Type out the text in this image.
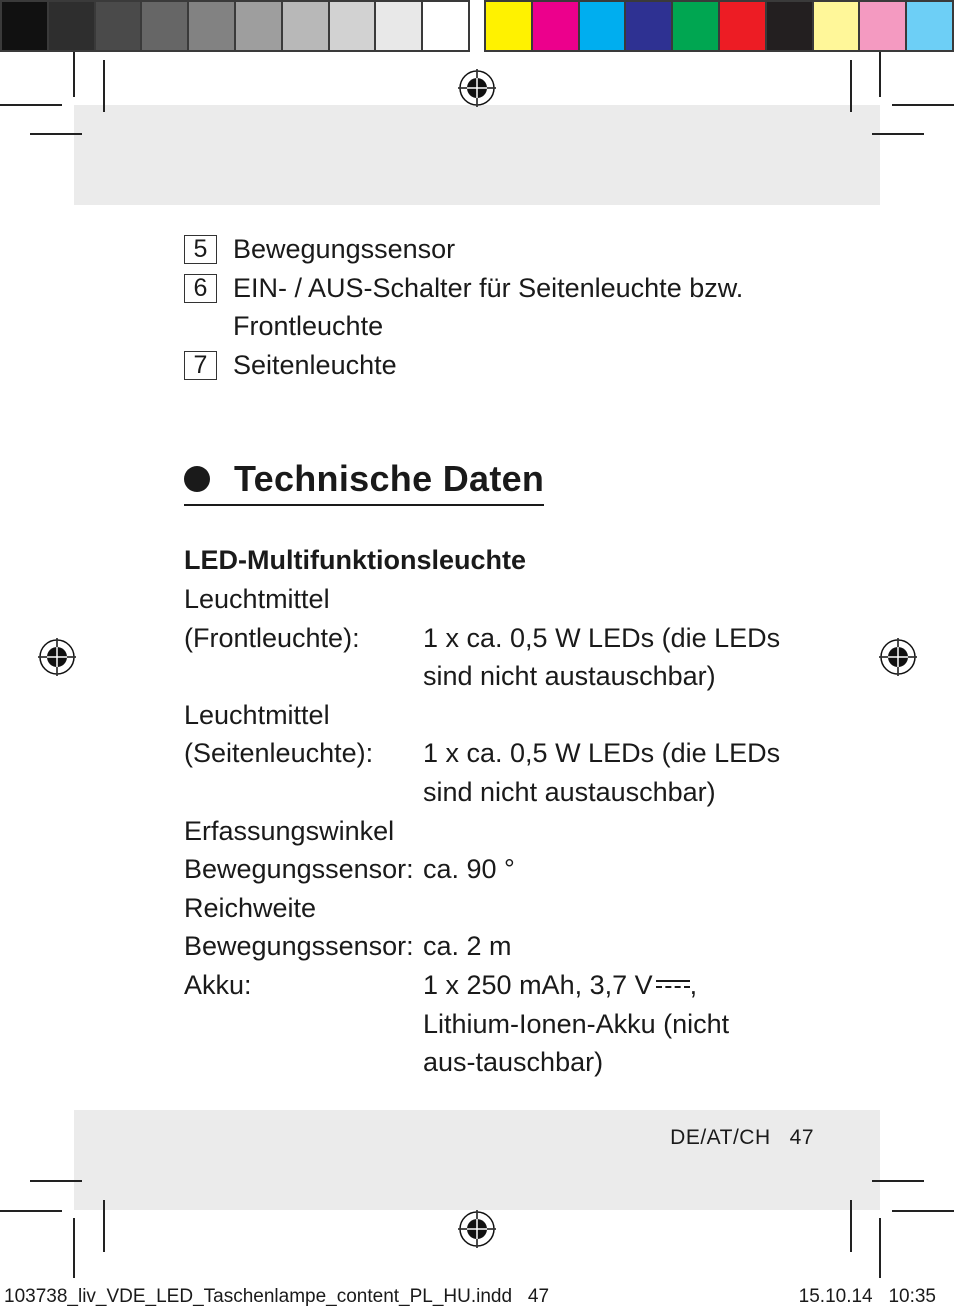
5 Bewegungssensor
6 EIN- / AUS-Schalter für Seitenleuchte bzw. Frontleuchte
7 Seitenleuchte
Technische Daten
LED-Multifunktionsleuchte
Leuchtmittel
(Frontleuchte):	1 x ca. 0,5 W LEDs (die LEDs sind nicht austauschbar)
Leuchtmittel
(Seitenleuchte):	1 x ca. 0,5 W LEDs (die LEDs sind nicht austauschbar)
Erfassungswinkel
Bewegungssensor: ca. 90 °
Reichweite
Bewegungssensor: ca. 2 m
Akku:	1 x 250 mAh, 3,7 V ,
Lithium-Ionen-Akku (nicht aus-tauschbar)
DE/AT/CH 47
103738_liv_VDE_LED_Taschenlampe_content_PL_HU.indd   47	15.10.14   10:35
